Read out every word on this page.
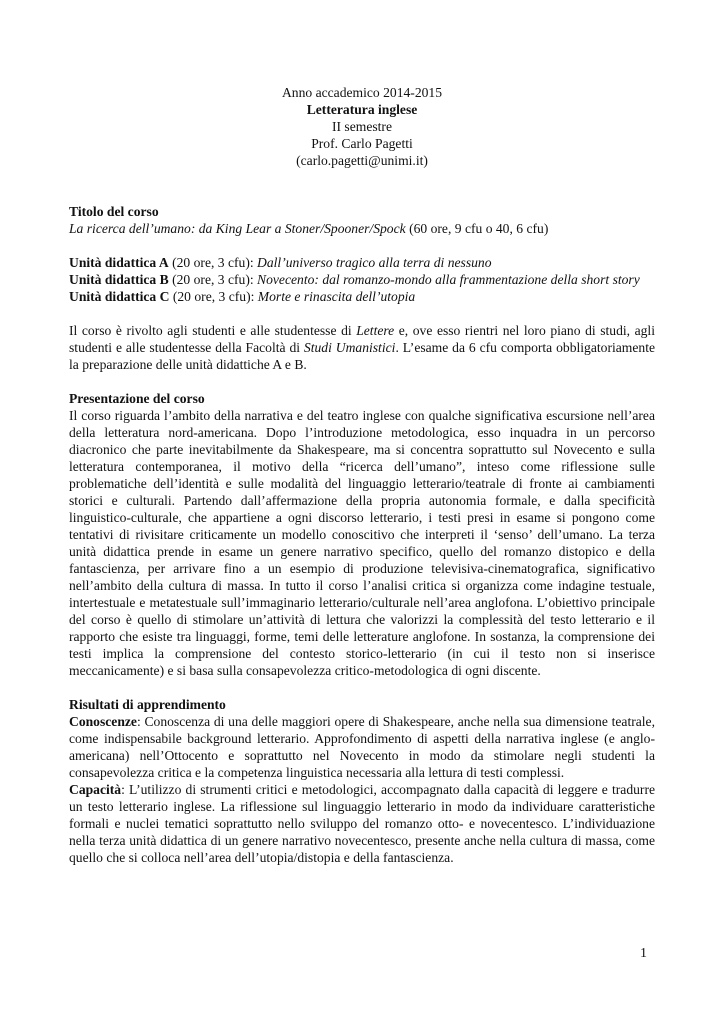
Anno accademico 2014-2015
Letteratura inglese
II semestre
Prof. Carlo Pagetti
(carlo.pagetti@unimi.it)

Titolo del corso

La ricerca dell’umano: da King Lear a Stoner/Spooner/Spock (60 ore, 9 cfu o 40, 6 cfu)

Unità didattica A (20 ore, 3 cfu): Dall’universo tragico alla terra di nessuno

Unità didattica B (20 ore, 3 cfu): Novecento: dal romanzo-mondo alla frammentazione della short story

Unità didattica C (20 ore, 3 cfu): Morte e rinascita dell’utopia

Il corso è rivolto agli studenti e alle studentesse di Lettere e, ove esso rientri nel loro piano di studi, agli studenti e alle studentesse della Facoltà di Studi Umanistici. L’esame da 6 cfu comporta obbligatoriamente la preparazione delle unità didattiche A e B.

Presentazione del corso

Il corso riguarda l’ambito della narrativa e del teatro inglese con qualche significativa escursione nell’area della letteratura nord-americana. Dopo l’introduzione metodologica, esso inquadra in un percorso diacronico che parte inevitabilmente da Shakespeare, ma si concentra soprattutto sul Novecento e sulla letteratura contemporanea, il motivo della “ricerca dell’umano”, inteso come riflessione sulle problematiche dell’identità e sulle modalità del linguaggio letterario/teatrale di fronte ai cambiamenti storici e culturali. Partendo dall’affermazione della propria autonomia formale, e dalla specificità linguistico-culturale, che appartiene a ogni discorso letterario, i testi presi in esame si pongono come tentativi di rivisitare criticamente un modello conoscitivo che interpreti il ‘senso’ dell’umano. La terza unità didattica prende in esame un genere narrativo specifico, quello del romanzo distopico e della fantascienza, per arrivare fino a un esempio di produzione televisiva-cinematografica, significativo nell’ambito della cultura di massa. In tutto il corso l’analisi critica si organizza come indagine testuale, intertestuale e metatestuale sull’immaginario letterario/culturale nell’area anglofona. L’obiettivo principale del corso è quello di stimolare un’attività di lettura che valorizzi la complessità del testo letterario e il rapporto che esiste tra linguaggi, forme, temi delle letterature anglofone. In sostanza, la comprensione dei testi implica la comprensione del contesto storico-letterario (in cui il testo non si inserisce meccanicamente) e si basa sulla consapevolezza critico-metodologica di ogni discente.

Risultati di apprendimento

Conoscenze: Conoscenza di una delle maggiori opere di Shakespeare, anche nella sua dimensione teatrale, come indispensabile background letterario. Approfondimento di aspetti della narrativa inglese (e anglo-americana) nell’Ottocento e soprattutto nel Novecento in modo da stimolare negli studenti la consapevolezza critica e la competenza linguistica necessaria alla lettura di testi complessi.

Capacità: L’utilizzo di strumenti critici e metodologici, accompagnato dalla capacità di leggere e tradurre un testo letterario inglese. La riflessione sul linguaggio letterario in modo da individuare caratteristiche formali e nuclei tematici soprattutto nello sviluppo del romanzo otto- e novecentesco. L’individuazione nella terza unità didattica di un genere narrativo novecentesco, presente anche nella cultura di massa, come quello che si colloca nell’area dell’utopia/distopia e della fantascienza.

1
